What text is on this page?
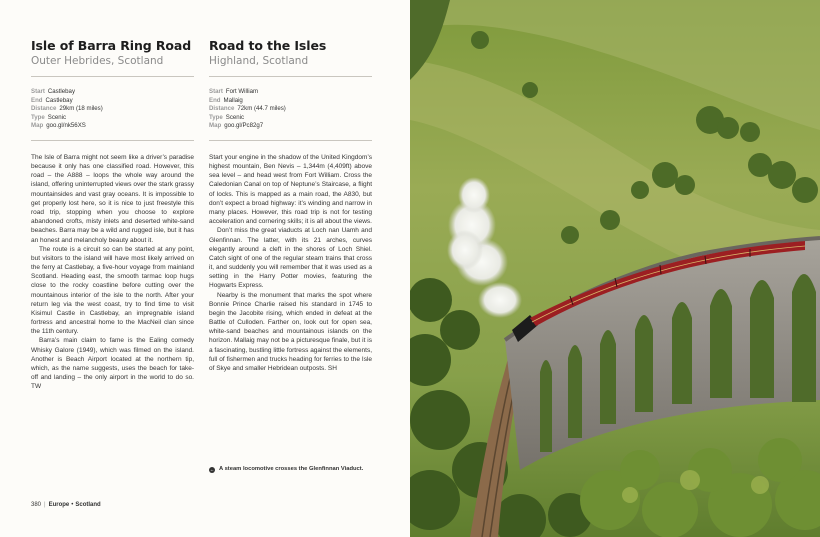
Isle of Barra Ring Road
Outer Hebrides, Scotland
Start Castlebay
End Castlebay
Distance 29km (18 miles)
Type Scenic
Map goo.gl/nk56XS

The Isle of Barra might not seem like a driver’s paradise because it only has one classified road. However, this road – the A888 – loops the whole way around the island, offering uninterrupted views over the stark grassy mountainsides and vast gray oceans. It is impossible to get properly lost here, so it is nice to just freestyle this road trip, stopping when you choose to explore abandoned crofts, misty inlets and deserted white-sand beaches. Barra may be a wild and rugged isle, but it has an honest and melancholy beauty about it.

The route is a circuit so can be started at any point, but visitors to the island will have most likely arrived on the ferry at Castlebay, a five-hour voyage from mainland Scotland. Heading east, the smooth tarmac loop hugs close to the rocky coastline before cutting over the mountainous interior of the isle to the north. After your return leg via the west coast, try to find time to visit Kisimul Castle in Castlebay, an impregnable island fortress and ancestral home to the MacNeil clan since the 11th century.

Barra’s main claim to fame is the Ealing comedy Whisky Galore (1949), which was filmed on the island. Another is Beach Airport located at the northern tip, which, as the name suggests, uses the beach for take-off and landing – the only airport in the world to do so. TW

Road to the Isles
Highland, Scotland
Start Fort William
End Mallaig
Distance 72km (44.7 miles)
Type Scenic
Map goo.gl/Pc82g7

Start your engine in the shadow of the United Kingdom’s highest mountain, Ben Nevis – 1,344m (4,409ft) above sea level – and head west from Fort William. Cross the Caledonian Canal on top of Neptune’s Staircase, a flight of locks. This is mapped as a main road, the A830, but don’t expect a broad highway: it’s winding and narrow in many places. However, this road trip is not for testing acceleration and cornering skills; it is all about the views.

Don’t miss the great viaducts at Loch nan Uamh and Glenfinnan. The latter, with its 21 arches, curves elegantly around a cleft in the shores of Loch Shiel. Catch sight of one of the regular steam trains that cross it, and suddenly you will remember that it was used as a setting in the Harry Potter movies, featuring the Hogwarts Express.

Nearby is the monument that marks the spot where Bonnie Prince Charlie raised his standard in 1745 to begin the Jacobite rising, which ended in defeat at the Battle of Culloden. Farther on, look out for open sea, white-sand beaches and mountainous islands on the horizon. Mallaig may not be a picturesque finale, but it is a fascinating, bustling little fortress against the elements, full of fishermen and trucks heading for ferries to the Isle of Skye and smaller Hebridean outposts. SH

← A steam locomotive crosses the Glenfinnan Viaduct.
380 | Europe • Scotland
